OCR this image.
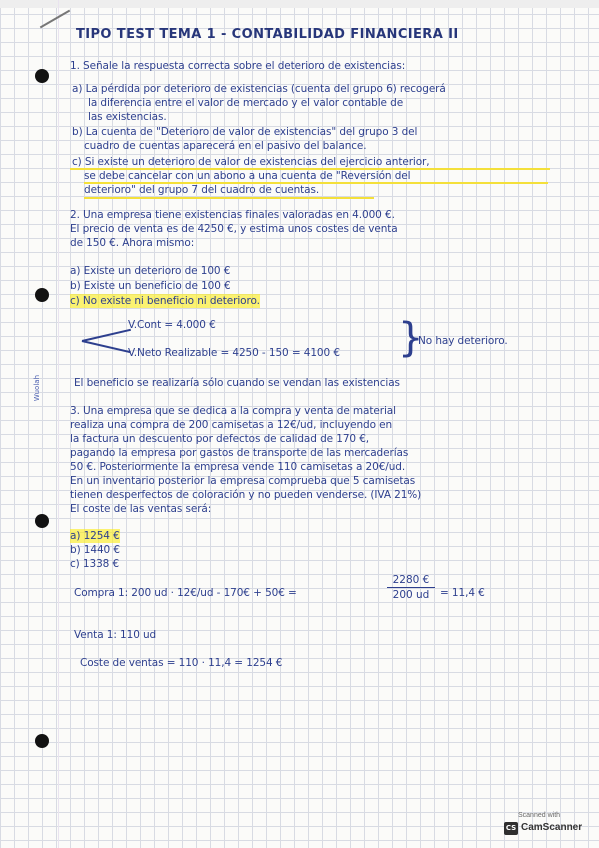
Wuolah
TIPO TEST TEMA 1 - CONTABILIDAD FINANCIERA II
1. Señale la respuesta correcta sobre el deterioro de existencias:
a) La pérdida por deterioro de existencias (cuenta del grupo 6) recogerá
la diferencia entre el valor de mercado y el valor contable de
las existencias.
b) La cuenta de "Deterioro de valor de existencias" del grupo 3 del
cuadro de cuentas aparecerá en el pasivo del balance.
c) Si existe un deterioro de valor de existencias del ejercicio anterior,
se debe cancelar con un abono a una cuenta de "Reversión del
deterioro" del grupo 7 del cuadro de cuentas.
2. Una empresa tiene existencias finales valoradas en 4.000 €.
El precio de venta es de 4250 €, y estima unos costes de venta
de 150 €. Ahora mismo:
a) Existe un deterioro de 100 €
b) Existe un beneficio de 100 €
c) No existe ni beneficio ni deterioro.
V.Cont = 4.000 €
V.Neto Realizable = 4250 - 150 = 4100 € }
No hay deterioro.
El beneficio se realizaría sólo cuando se vendan las existencias
3. Una empresa que se dedica a la compra y venta de material
realiza una compra de 200 camisetas a 12€/ud, incluyendo en
la factura un descuento por defectos de calidad de 170 €,
pagando la empresa por gastos de transporte de las mercaderías
50 €. Posteriormente la empresa vende 110 camisetas a 20€/ud.
En un inventario posterior la empresa comprueba que 5 camisetas
tienen desperfectos de coloración y no pueden venderse. (IVA 21%)
El coste de las ventas será:
a) 1254 €
b) 1440 €
c) 1338 €
Compra 1: 200 ud · 12€/ud - 170€ + 50€ =
2280 €
200 ud	= 11,4 €
Venta 1: 110 ud
Coste de ventas = 110 · 11,4 = 1254 €
Scanned with
CS CamScanner
